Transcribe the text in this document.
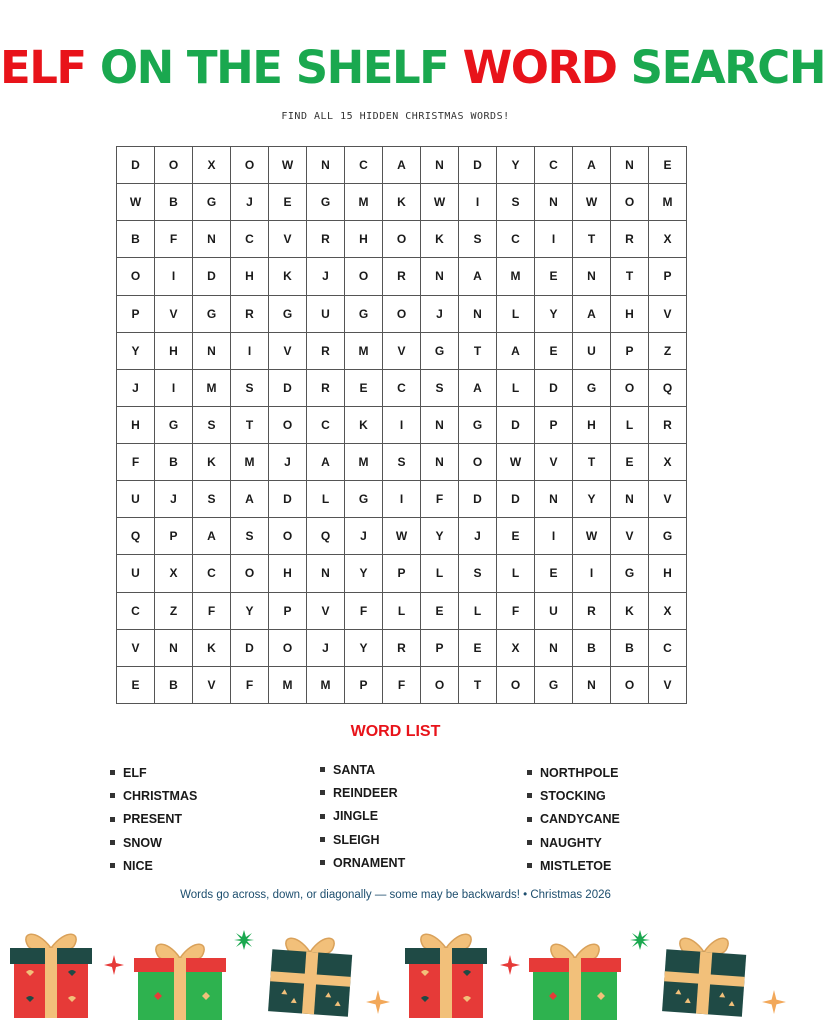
ELF ON THE SHELF WORD SEARCH
FIND ALL 15 HIDDEN CHRISTMAS WORDS!
D	O	X	O	W	N	C	A	N	D	Y	C	A	N	E
W	B	G	J	E	G	M	K	W	I	S	N	W	O	M
B	F	N	C	V	R	H	O	K	S	C	I	T	R	X
O	I	D	H	K	J	O	R	N	A	M	E	N	T	P
P	V	G	R	G	U	G	O	J	N	L	Y	A	H	V
Y	H	N	I	V	R	M	V	G	T	A	E	U	P	Z
J	I	M	S	D	R	E	C	S	A	L	D	G	O	Q
H	G	S	T	O	C	K	I	N	G	D	P	H	L	R
F	B	K	M	J	A	M	S	N	O	W	V	T	E	X
U	J	S	A	D	L	G	I	F	D	D	N	Y	N	V
Q	P	A	S	O	Q	J	W	Y	J	E	I	W	V	G
U	X	C	O	H	N	Y	P	L	S	L	E	I	G	H
C	Z	F	Y	P	V	F	L	E	L	F	U	R	K	X
V	N	K	D	O	J	Y	R	P	E	X	N	B	B	C
E	B	V	F	M	M	P	F	O	T	O	G	N	O	V
WORD LIST
ELF
CHRISTMAS
PRESENT
SNOW
NICE
SANTA
REINDEER
JINGLE
SLEIGH
ORNAMENT
NORTHPOLE
STOCKING
CANDYCANE
NAUGHTY
MISTLETOE
Words go across, down, or diagonally — some may be backwards! • Christmas 2026
